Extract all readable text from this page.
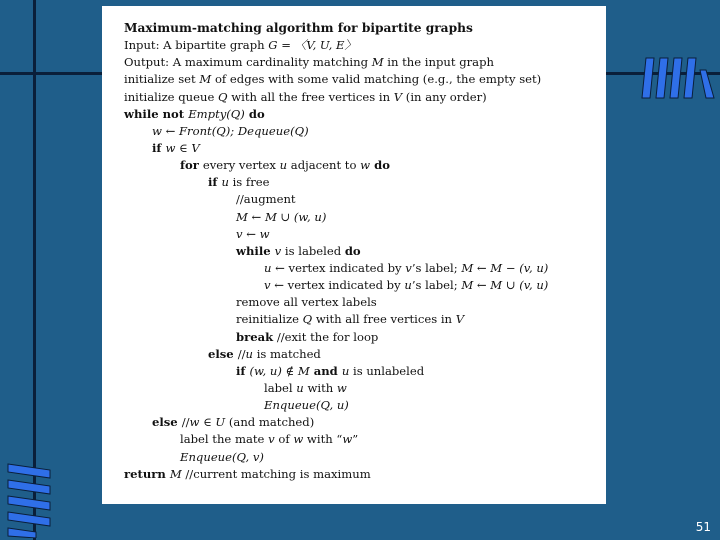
Maximum-matching algorithm for bipartite graphs
Input: A bipartite graph G = 〈V, U, E〉
Output: A maximum cardinality matching M in the input graph
initialize set M of edges with some valid matching (e.g., the empty set)
initialize queue Q with all the free vertices in V (in any order)
while not Empty(Q) do
w ← Front(Q); Dequeue(Q)
if w ∈ V
for every vertex u adjacent to w do
if u is free
//augment
M ← M ∪ (w, u)
v ← w
while v is labeled do
u ← vertex indicated by v’s label; M ← M − (v, u)
v ← vertex indicated by u’s label; M ← M ∪ (v, u)
remove all vertex labels
reinitialize Q with all free vertices in V
break //exit the for loop
else //u is matched
if (w, u) ∉ M and u is unlabeled
label u with w
Enqueue(Q, u)
else //w ∈ U (and matched)
label the mate v of w with “w”
Enqueue(Q, v)
return M //current matching is maximum
51
